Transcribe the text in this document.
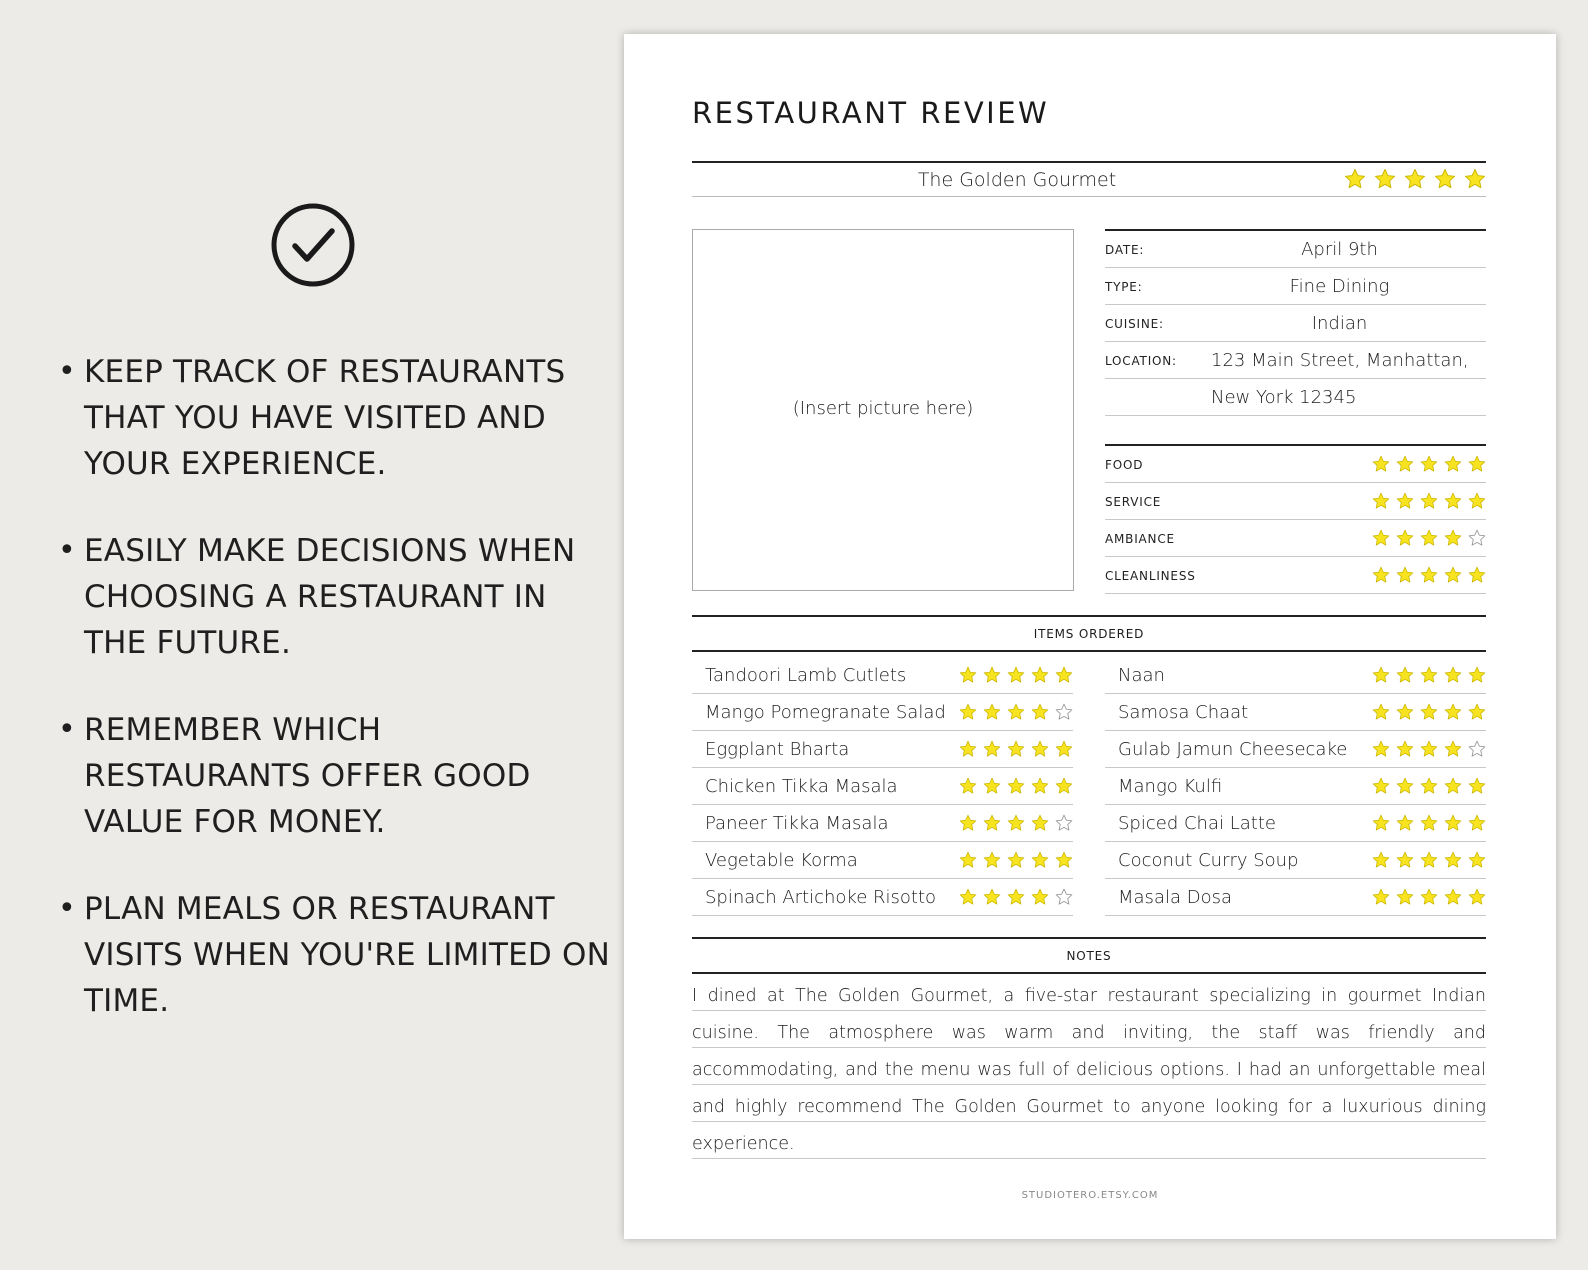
• KEEP TRACK OF RESTAURANTS THAT YOU HAVE VISITED AND YOUR EXPERIENCE.
• EASILY MAKE DECISIONS WHEN CHOOSING A RESTAURANT IN THE FUTURE.
• REMEMBER WHICH RESTAURANTS OFFER GOOD VALUE FOR MONEY.
• PLAN MEALS OR RESTAURANT VISITS WHEN YOU'RE LIMITED ON TIME.
RESTAURANT REVIEW
The Golden Gourmet
(Insert picture here)
DATE:	April 9th
TYPE:	Fine Dining
CUISINE:	Indian
LOCATION: 123 Main Street, Manhattan,
New York 12345
FOOD
SERVICE
AMBIANCE
CLEANLINESS
ITEMS ORDERED
Tandoori Lamb Cutlets
Mango Pomegranate Salad
Eggplant Bharta
Chicken Tikka Masala
Paneer Tikka Masala
Vegetable Korma
Spinach Artichoke Risotto
Naan
Samosa Chaat
Gulab Jamun Cheesecake
Mango Kulfi
Spiced Chai Latte
Coconut Curry Soup
Masala Dosa
NOTES
I dined at The Golden Gourmet, a five-star restaurant specializing in gourmet Indian cuisine. The atmosphere was warm and inviting, the staff was friendly and accommodating, and the menu was full of delicious options. I had an unforgettable meal and highly recommend The Golden Gourmet to anyone looking for a luxurious dining experience.
STUDIOTERO.ETSY.COM
